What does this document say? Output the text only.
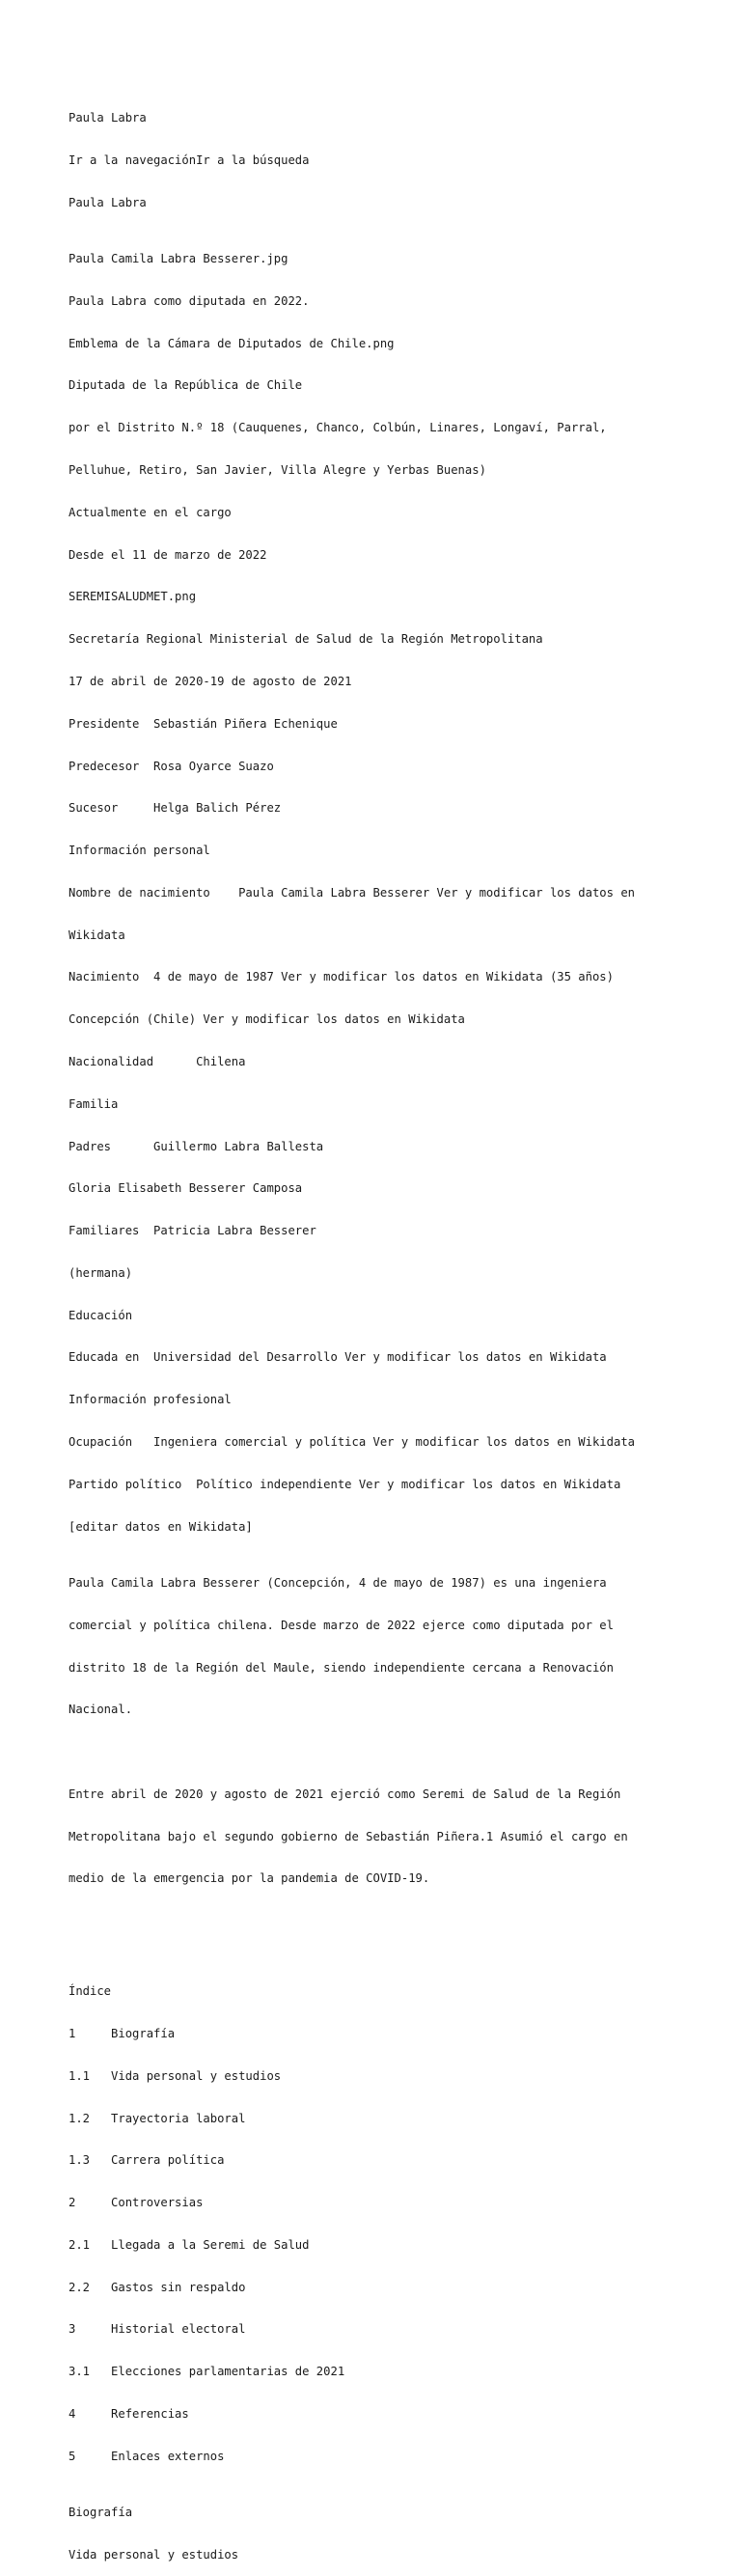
Paula Labra

Ir a la navegaciónIr a la búsqueda

Paula Labra

Paula Camila Labra Besserer.jpg

Paula Labra como diputada en 2022.

Emblema de la Cámara de Diputados de Chile.png

Diputada de la República de Chile

por el Distrito N.º 18 (Cauquenes, Chanco, Colbún, Linares, Longaví, Parral,

Pelluhue, Retiro, San Javier, Villa Alegre y Yerbas Buenas)

Actualmente en el cargo

Desde el 11 de marzo de 2022

SEREMISALUDMET.png

Secretaría Regional Ministerial de Salud de la Región Metropolitana

17 de abril de 2020-19 de agosto de 2021

Presidente  Sebastián Piñera Echenique

Predecesor  Rosa Oyarce Suazo

Sucesor     Helga Balich Pérez

Información personal

Nombre de nacimiento    Paula Camila Labra Besserer Ver y modificar los datos en

Wikidata

Nacimiento  4 de mayo de 1987 Ver y modificar los datos en Wikidata (35 años)

Concepción (Chile) Ver y modificar los datos en Wikidata

Nacionalidad      Chilena

Familia

Padres      Guillermo Labra Ballesta

Gloria Elisabeth Besserer Camposa

Familiares  Patricia Labra Besserer

(hermana)

Educación

Educada en  Universidad del Desarrollo Ver y modificar los datos en Wikidata

Información profesional

Ocupación   Ingeniera comercial y política Ver y modificar los datos en Wikidata

Partido político  Político independiente Ver y modificar los datos en Wikidata

[editar datos en Wikidata]

Paula Camila Labra Besserer (Concepción, 4 de mayo de 1987) es una ingeniera

comercial y política chilena. Desde marzo de 2022 ejerce como diputada por el

distrito 18 de la Región del Maule, siendo independiente cercana a Renovación

Nacional.

Entre abril de 2020 y agosto de 2021 ejerció como Seremi de Salud de la Región

Metropolitana bajo el segundo gobierno de Sebastián Piñera.1 Asumió el cargo en

medio de la emergencia por la pandemia de COVID-19.

Índice

1     Biografía

1.1   Vida personal y estudios

1.2   Trayectoria laboral

1.3   Carrera política

2     Controversias

2.1   Llegada a la Seremi de Salud

2.2   Gastos sin respaldo

3     Historial electoral

3.1   Elecciones parlamentarias de 2021

4     Referencias

5     Enlaces externos

Biografía

Vida personal y estudios
